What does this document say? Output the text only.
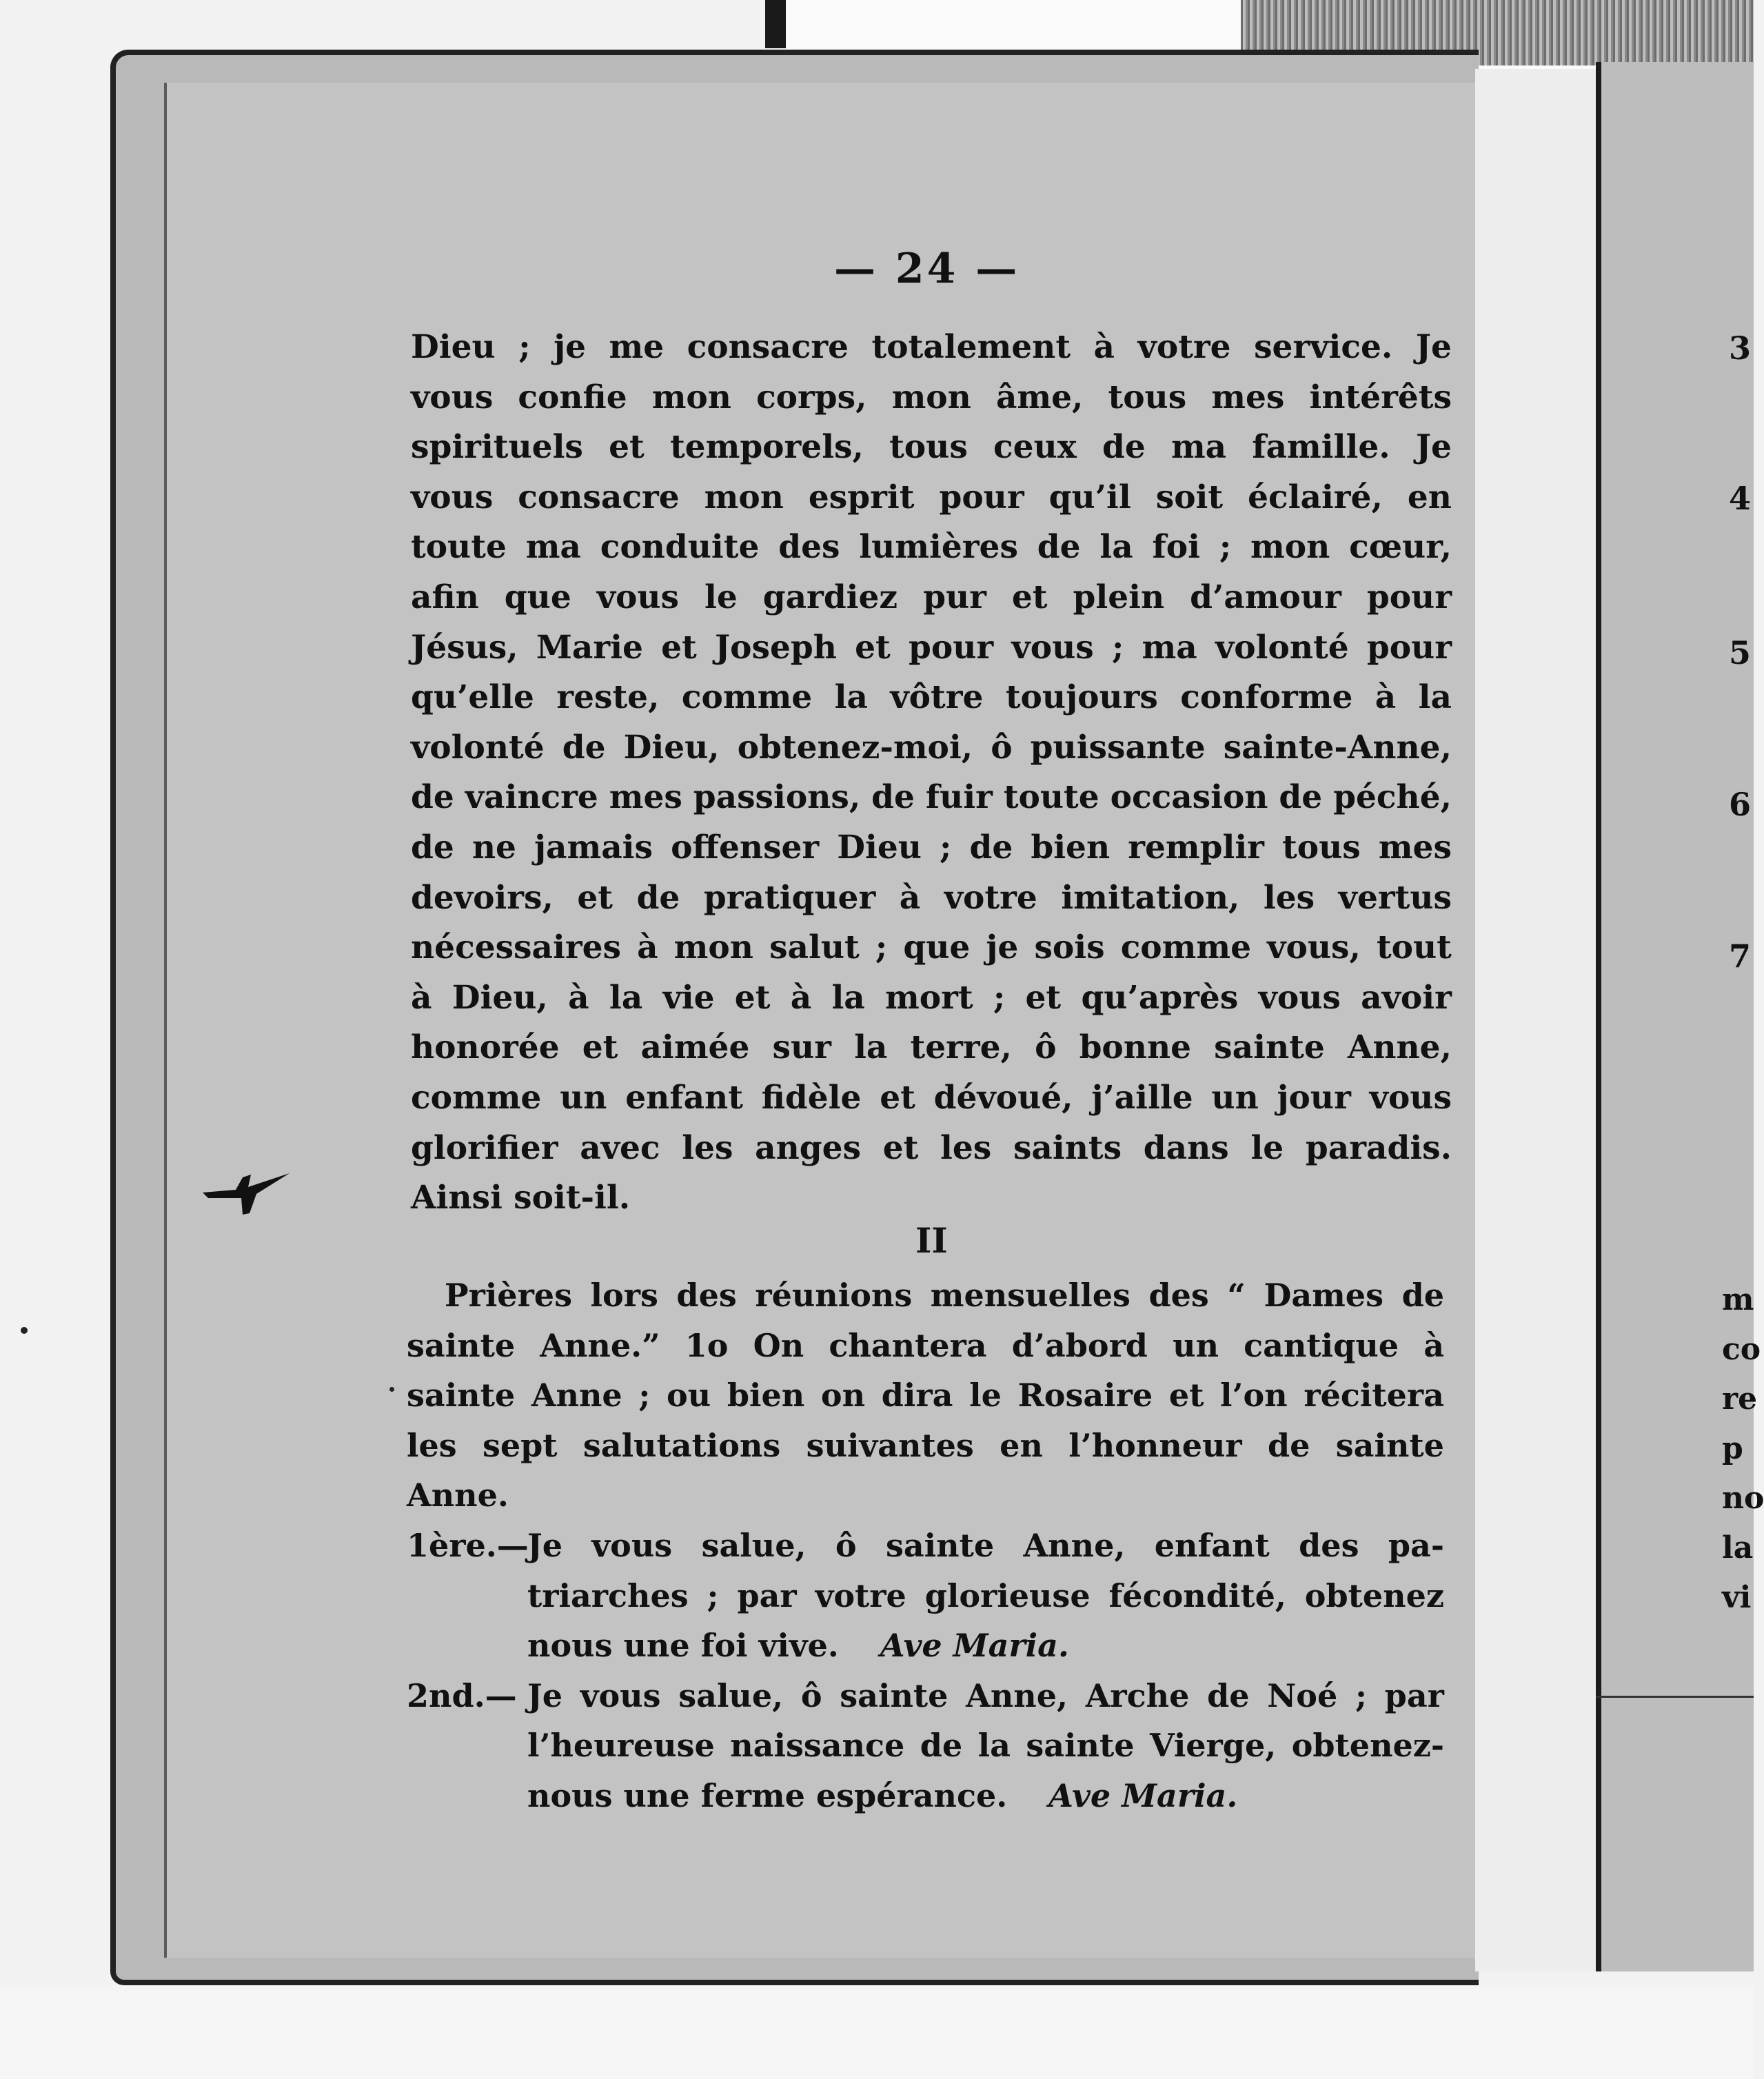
— 24 —
Dieu ; je me consacre totalement à votre service. Je
vous confie mon corps, mon âme, tous mes intérêts
spirituels et temporels, tous ceux de ma famille. Je
vous consacre mon esprit pour qu’il soit éclairé, en
toute ma conduite des lumières de la foi ; mon cœur,
afin que vous le gardiez pur et plein d’amour pour
Jésus, Marie et Joseph et pour vous ; ma volonté pour
qu’elle reste, comme la vôtre toujours conforme à la
volonté de Dieu, obtenez-moi, ô puissante sainte-Anne,
de vaincre mes passions, de fuir toute occasion de péché,
de ne jamais offenser Dieu ; de bien remplir tous mes
devoirs, et de pratiquer à votre imitation, les vertus
nécessaires à mon salut ; que je sois comme vous, tout
à Dieu, à la vie et à la mort ; et qu’après vous avoir
honorée et aimée sur la terre, ô bonne sainte Anne,
comme un enfant fidèle et dévoué, j’aille un jour vous
glorifier avec les anges et les saints dans le paradis.
Ainsi soit-il.
II
Prières lors des réunions mensuelles des “ Dames de
sainte Anne.” 1o On chantera d’abord un cantique à
sainte Anne ; ou bien on dira le Rosaire et l’on récitera
les sept salutations suivantes en l’honneur de sainte
Anne.
1ère.—
Je vous salue, ô sainte Anne, enfant des pa-
triarches ; par votre glorieuse fécondité, obtenez
nous une foi vive. Ave Maria.
2nd.— Je vous salue, ô sainte Anne, Arche de Noé ; par
l’heureuse naissance de la sainte Vierge, obtenez-
nous une ferme espérance. Ave Maria.
3
4
5
6
7
m
co
re
p
no
la
vi
